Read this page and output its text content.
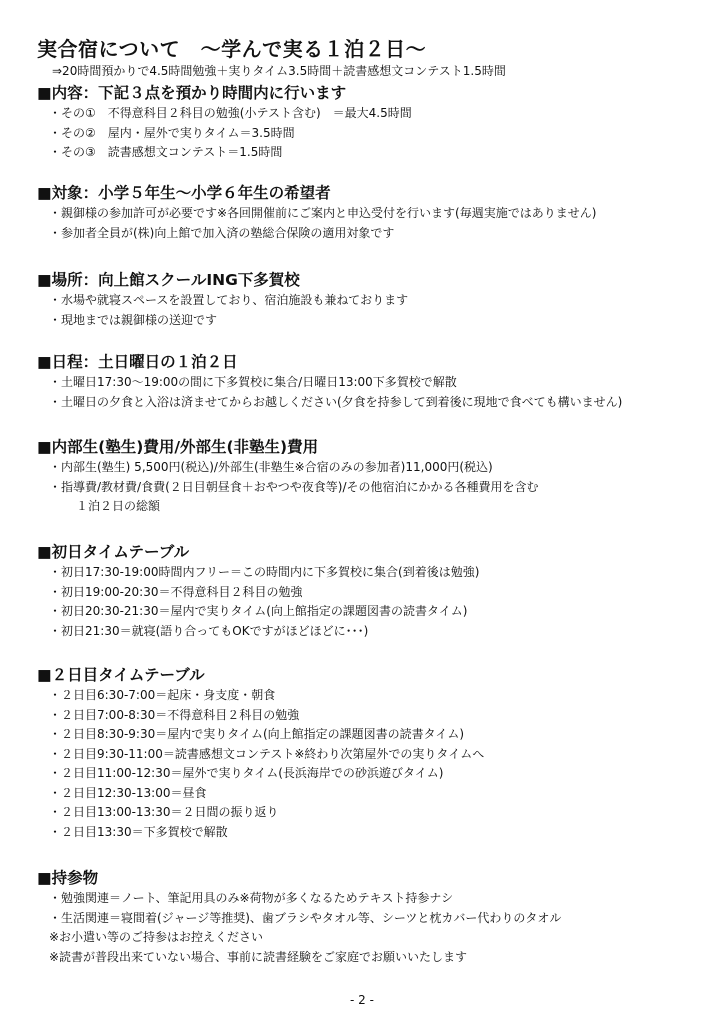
実合宿について　～学んで実る１泊２日～
⇒20時間預かりで4.5時間勉強＋実りタイム3.5時間＋読書感想文コンテスト1.5時間
■内容：下記３点を預かり時間内に行います
・その①　不得意科目２科目の勉強(小テスト含む)　＝最大4.5時間
・その②　屋内・屋外で実りタイム＝3.5時間
・その③　読書感想文コンテスト＝1.5時間
■対象：小学５年生～小学６年生の希望者
・親御様の参加許可が必要です※各回開催前にご案内と申込受付を行います(毎週実施ではありません)
・参加者全員が(株)向上館で加入済の塾総合保険の適用対象です
■場所：向上館スクールING下多賀校
・水場や就寝スペースを設置しており、宿泊施設も兼ねております
・現地までは親御様の送迎です
■日程：土日曜日の１泊２日
・土曜日17:30～19:00の間に下多賀校に集合/日曜日13:00下多賀校で解散
・土曜日の夕食と入浴は済ませてからお越しください(夕食を持参して到着後に現地で食べても構いません)
■内部生(塾生)費用/外部生(非塾生)費用
・内部生(塾生) 5,500円(税込)/外部生(非塾生※合宿のみの参加者)11,000円(税込)
・指導費/教材費/食費(２日目朝昼食＋おやつや夜食等)/その他宿泊にかかる各種費用を含む
１泊２日の総額
■初日タイムテーブル
・初日17:30-19:00時間内フリー＝この時間内に下多賀校に集合(到着後は勉強)
・初日19:00-20:30＝不得意科目２科目の勉強
・初日20:30-21:30＝屋内で実りタイム(向上館指定の課題図書の読書タイム)
・初日21:30＝就寝(語り合ってもOKですがほどほどに･･･)
■２日目タイムテーブル
・２日目6:30-7:00＝起床・身支度・朝食
・２日目7:00-8:30＝不得意科目２科目の勉強
・２日目8:30-9:30＝屋内で実りタイム(向上館指定の課題図書の読書タイム)
・２日目9:30-11:00＝読書感想文コンテスト※終わり次第屋外での実りタイムへ
・２日目11:00-12:30＝屋外で実りタイム(長浜海岸での砂浜遊びタイム)
・２日目12:30-13:00＝昼食
・２日目13:00-13:30＝２日間の振り返り
・２日目13:30＝下多賀校で解散
■持参物
・勉強関連＝ノート、筆記用具のみ※荷物が多くなるためテキスト持参ナシ
・生活関連＝寝間着(ジャージ等推奨)、歯ブラシやタオル等、シーツと枕カバー代わりのタオル
※お小遣い等のご持参はお控えください
※読書が普段出来ていない場合、事前に読書経験をご家庭でお願いいたします
- 2 -
